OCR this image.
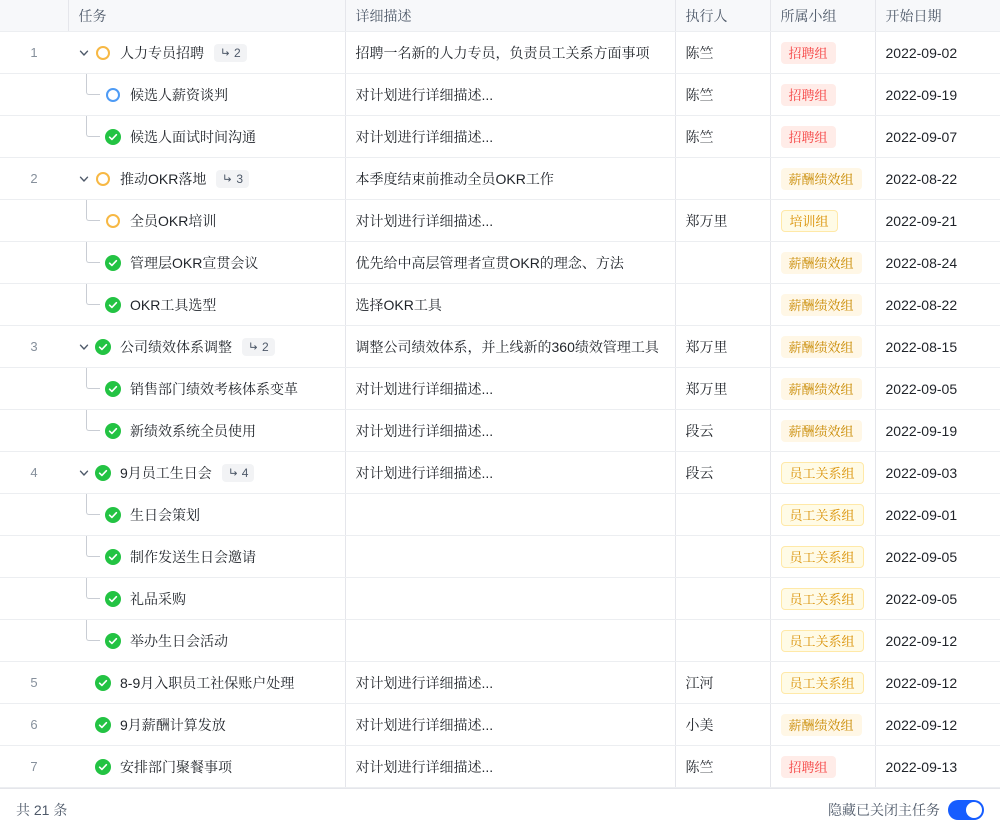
	任务	详细描述	执行人	所属小组	开始日期

1	人力专员招聘 2	招聘一名新的人力专员，负责员工关系方面事项	陈竺	招聘组	2022-09-02

	候选人薪资谈判	对计划进行详细描述...	陈竺	招聘组	2022-09-19

	候选人面试时间沟通	对计划进行详细描述...	陈竺	招聘组	2022-09-07

2	推动OKR落地 3	本季度结束前推动全员OKR工作		薪酬绩效组	2022-08-22

	全员OKR培训	对计划进行详细描述...	郑万里	培训组	2022-09-21

	管理层OKR宣贯会议	优先给中高层管理者宣贯OKR的理念、方法		薪酬绩效组	2022-08-24

	OKR工具选型	选择OKR工具		薪酬绩效组	2022-08-22

3	公司绩效体系调整 2	调整公司绩效体系，并上线新的360绩效管理工具	郑万里	薪酬绩效组	2022-08-15

	销售部门绩效考核体系变革	对计划进行详细描述...	郑万里	薪酬绩效组	2022-09-05

	新绩效系统全员使用	对计划进行详细描述...	段云	薪酬绩效组	2022-09-19

4	9月员工生日会 4	对计划进行详细描述...	段云	员工关系组	2022-09-03

	生日会策划			员工关系组	2022-09-01

	制作发送生日会邀请			员工关系组	2022-09-05

	礼品采购			员工关系组	2022-09-05

	举办生日会活动			员工关系组	2022-09-12

5	8-9月入职员工社保账户处理	对计划进行详细描述...	江河	员工关系组	2022-09-12

6	9月薪酬计算发放	对计划进行详细描述...	小美	薪酬绩效组	2022-09-12

7	安排部门聚餐事项	对计划进行详细描述...	陈竺	招聘组	2022-09-13
共 21 条	隐藏已关闭主任务
